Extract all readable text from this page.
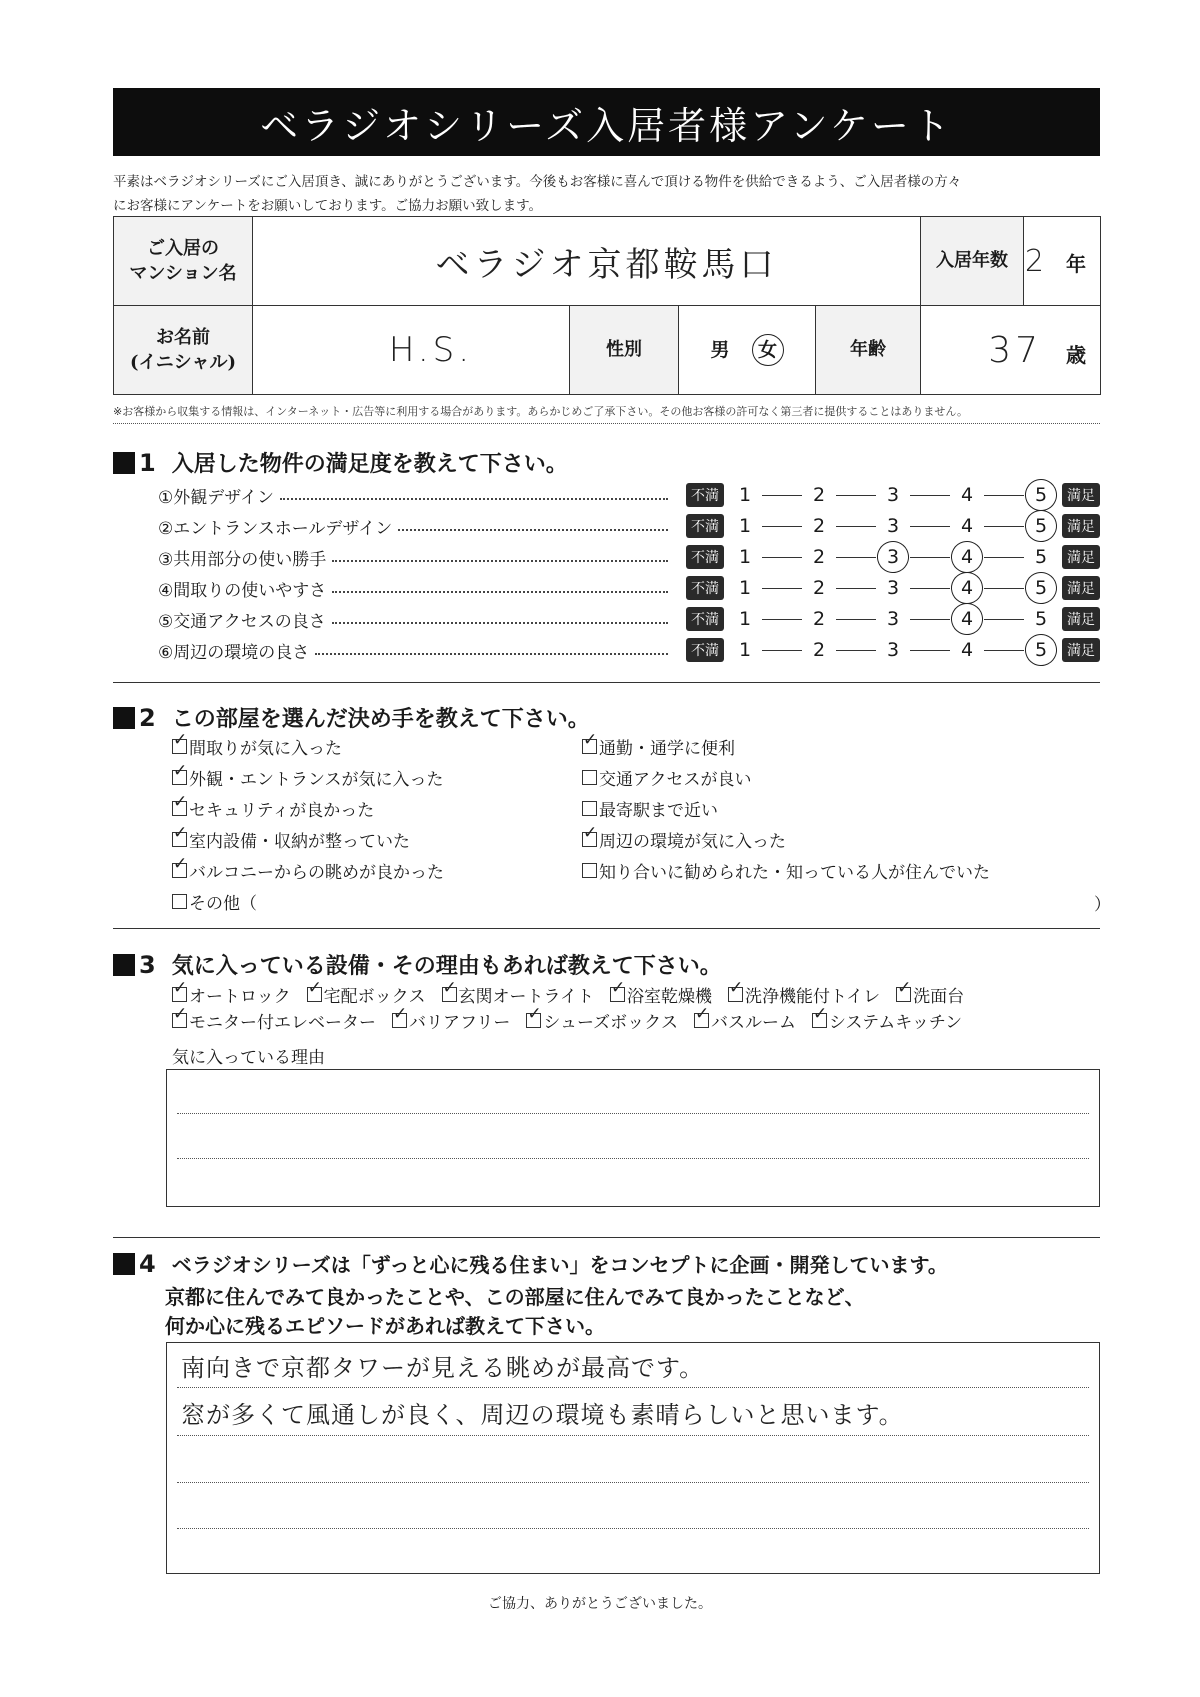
ベラジオシリーズ入居者様アンケート
平素はベラジオシリーズにご入居頂き、誠にありがとうございます。今後もお客様に喜んで頂ける物件を供給できるよう、ご入居者様の方々
にお客様にアンケートをお願いしております。ご協力お願い致します。
ご入居の
マンション名	ベラジオ京都鞍馬口				入居年数	2 年

お名前
(イニシャル)	H.S.	性別	男 女	年齢	37 歳	
※お客様から収集する情報は、インターネット・広告等に利用する場合があります。あらかじめご了承下さい。その他お客様の許可なく第三者に提供することはありません。
1 入居した物件の満足度を教えて下さい。
①外観デザイン	不満	1	2	3	4	5	満足
②エントランスホールデザイン	不満	1	2	3	4	5	満足
③共用部分の使い勝手	不満	1	2	3	4	5	満足
④間取りの使いやすさ	不満	1	2	3	4	5	満足
⑤交通アクセスの良さ	不満	1	2	3	4	5	満足
⑥周辺の環境の良さ	不満	1	2	3	4	5	満足
2 この部屋を選んだ決め手を教えて下さい。
✓
間取りが気に入った
✓
外観・エントランスが気に入った
✓
セキュリティが良かった
✓
室内設備・収納が整っていた
✓
バルコニーからの眺めが良かった
その他（
✓
通勤・通学に便利
交通アクセスが良い
最寄駅まで近い
✓
周辺の環境が気に入った
知り合いに勧められた・知っている人が住んでいた
）
3 気に入っている設備・その理由もあれば教えて下さい。
✓
オートロック ✓ 宅配ボックス ✓ 玄関オートライト ✓ 浴室乾燥機 ✓ 洗浄機能付トイレ ✓ 洗面台
✓
モニター付エレベーター ✓ バリアフリー ✓ シューズボックス ✓ バスルーム ✓ システムキッチン
気に入っている理由
4 ベラジオシリーズは「ずっと心に残る住まい」をコンセプトに企画・開発しています。
京都に住んでみて良かったことや、この部屋に住んでみて良かったことなど、
何か心に残るエピソードがあれば教えて下さい。
南向きで京都タワーが見える眺めが最高です。
窓が多くて風通しが良く、周辺の環境も素晴らしいと思います。
ご協力、ありがとうございました。
